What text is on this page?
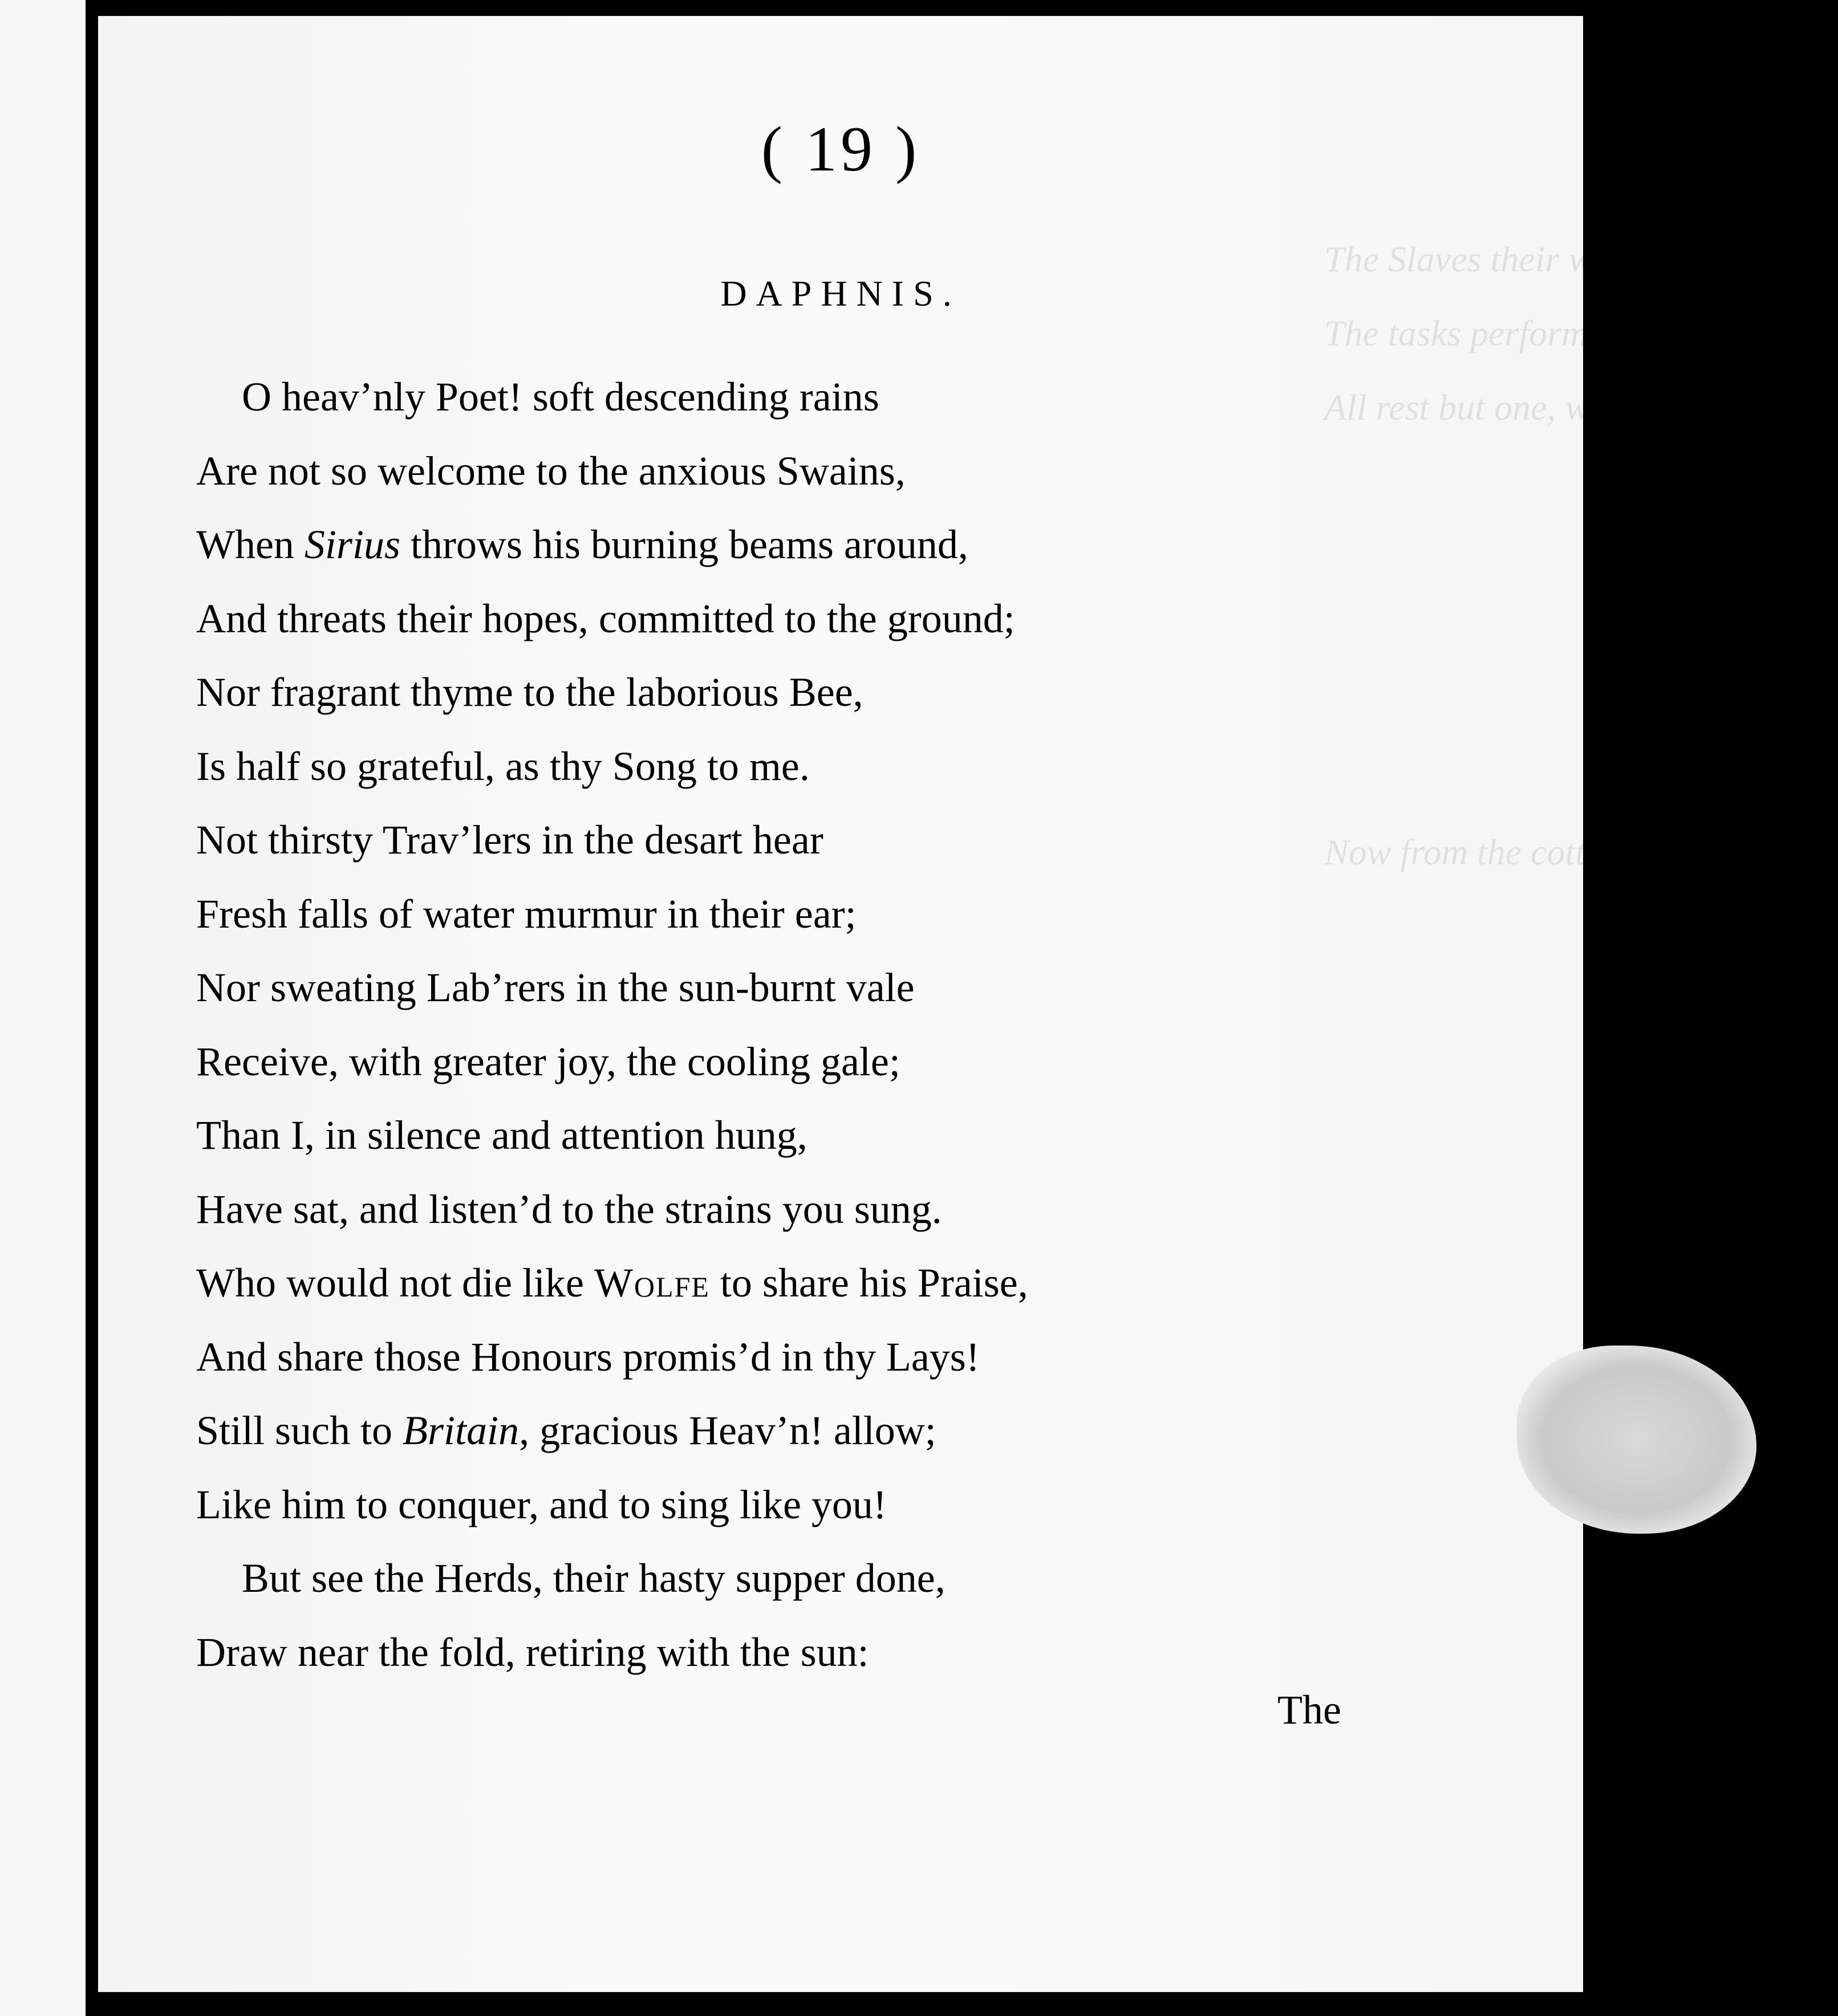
The Slaves their wearied limbs at
The tasks perform’d their wayward
All rest but one, who with
Now from the cottage
( 19 )
DAPHNIS.
O heav’nly Poet! soft descending rains
Are not so welcome to the anxious Swains,
When Sirius throws his burning beams around,
And threats their hopes, committed to the ground;
Nor fragrant thyme to the laborious Bee,
Is half so grateful, as thy Song to me.
Not thirsty Trav’lers in the desart hear
Fresh falls of water murmur in their ear;
Nor sweating Lab’rers in the sun-burnt vale
Receive, with greater joy, the cooling gale;
Than I, in silence and attention hung,
Have sat, and listen’d to the strains you sung.
Who would not die like Wolfe to share his Praise,
And share those Honours promis’d in thy Lays!
Still such to Britain, gracious Heav’n! allow;
Like him to conquer, and to sing like you!
But see the Herds, their hasty supper done,
Draw near the fold, retiring with the sun:
The
